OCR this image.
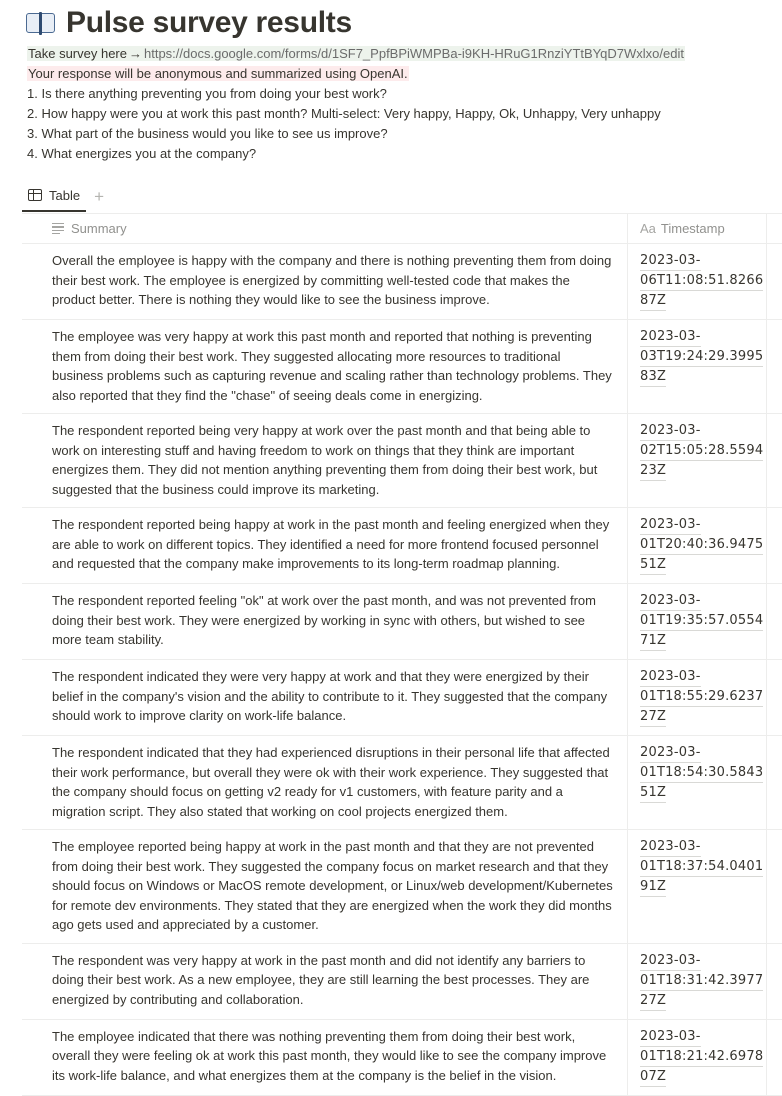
Pulse survey results
Take survey here → https://docs.google.com/forms/d/1SF7_PpfBPiWMPBa-i9KH-HRuG1RnziYTtBYqD7Wxlxo/edit
Your response will be anonymous and summarized using OpenAI.
1. Is there anything preventing you from doing your best work?
2. How happy were you at work this past month? Multi-select: Very happy, Happy, Ok, Unhappy, Very unhappy
3. What part of the business would you like to see us improve?
4. What energizes you at the company?
Table +
Summary	Aa Timestamp
Overall the employee is happy with the company and there is nothing preventing them from doing their best work. The employee is energized by committing well-tested code that makes the product better. There is nothing they would like to see the business improve.
2023-03-
06T11:08:51.8266
87Z
The employee was very happy at work this past month and reported that nothing is preventing them from doing their best work. They suggested allocating more resources to traditional business problems such as capturing revenue and scaling rather than technology problems. They also reported that they find the "chase" of seeing deals come in energizing.
2023-03-
03T19:24:29.3995
83Z
The respondent reported being very happy at work over the past month and that being able to work on interesting stuff and having freedom to work on things that they think are important energizes them. They did not mention anything preventing them from doing their best work, but suggested that the business could improve its marketing.
2023-03-
02T15:05:28.5594
23Z
The respondent reported being happy at work in the past month and feeling energized when they are able to work on different topics. They identified a need for more frontend focused personnel and requested that the company make improvements to its long-term roadmap planning.
2023-03-
01T20:40:36.9475
51Z
The respondent reported feeling "ok" at work over the past month, and was not prevented from doing their best work. They were energized by working in sync with others, but wished to see more team stability.
2023-03-
01T19:35:57.0554
71Z
The respondent indicated they were very happy at work and that they were energized by their belief in the company's vision and the ability to contribute to it. They suggested that the company should work to improve clarity on work-life balance.
2023-03-
01T18:55:29.6237
27Z
The respondent indicated that they had experienced disruptions in their personal life that affected their work performance, but overall they were ok with their work experience. They suggested that the company should focus on getting v2 ready for v1 customers, with feature parity and a migration script. They also stated that working on cool projects energized them.
2023-03-
01T18:54:30.5843
51Z
The employee reported being happy at work in the past month and that they are not prevented from doing their best work. They suggested the company focus on market research and that they should focus on Windows or MacOS remote development, or Linux/web development/Kubernetes for remote dev environments. They stated that they are energized when the work they did months ago gets used and appreciated by a customer.
2023-03-
01T18:37:54.0401
91Z
The respondent was very happy at work in the past month and did not identify any barriers to doing their best work. As a new employee, they are still learning the best processes. They are energized by contributing and collaboration.
2023-03-
01T18:31:42.3977
27Z
The employee indicated that there was nothing preventing them from doing their best work, overall they were feeling ok at work this past month, they would like to see the company improve its work-life balance, and what energizes them at the company is the belief in the vision.
2023-03-
01T18:21:42.6978
07Z
